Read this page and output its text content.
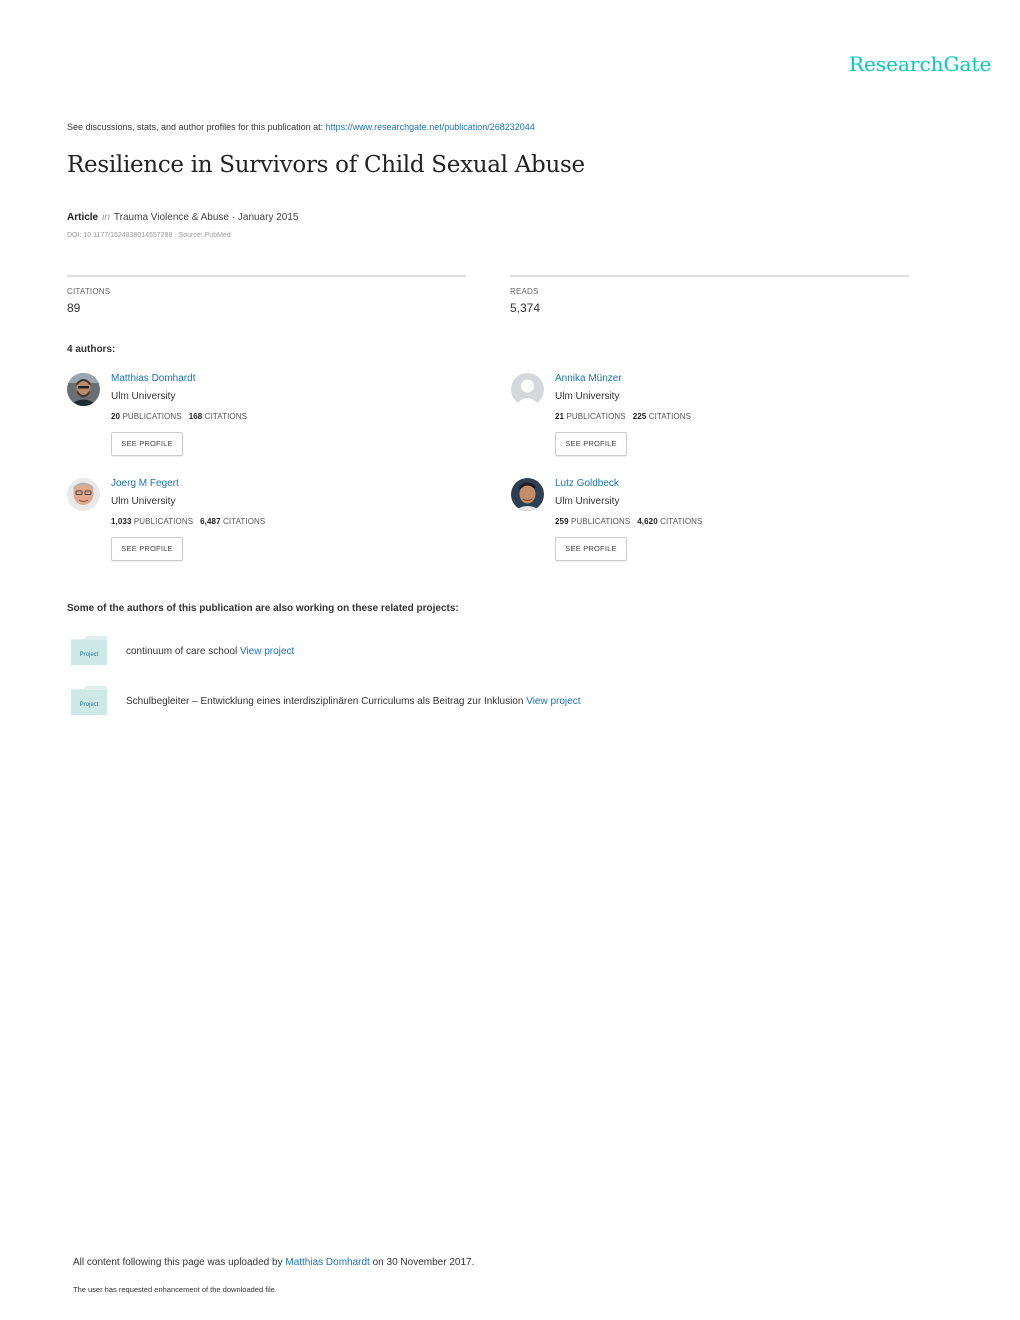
ResearchGate
See discussions, stats, and author profiles for this publication at: https://www.researchgate.net/publication/268232044
Resilience in Survivors of Child Sexual Abuse
Article in Trauma Violence & Abuse · January 2015
DOI: 10.1177/1524838014557288 · Source: PubMed
CITATIONS
89
READS
5,374
4 authors:
Matthias Domhardt
Ulm University
20 PUBLICATIONS 168 CITATIONS
SEE PROFILE
Annika Münzer
Ulm University
21 PUBLICATIONS 225 CITATIONS
SEE PROFILE
Joerg M Fegert
Ulm University
1,033 PUBLICATIONS 6,487 CITATIONS
SEE PROFILE
Lutz Goldbeck
Ulm University
259 PUBLICATIONS 4,620 CITATIONS
SEE PROFILE
Some of the authors of this publication are also working on these related projects:
Project	continuum of care school View project
Project	Schulbegleiter – Entwicklung eines interdisziplinären Curriculums als Beitrag zur Inklusion View project
All content following this page was uploaded by Matthias Domhardt on 30 November 2017.
The user has requested enhancement of the downloaded file.
